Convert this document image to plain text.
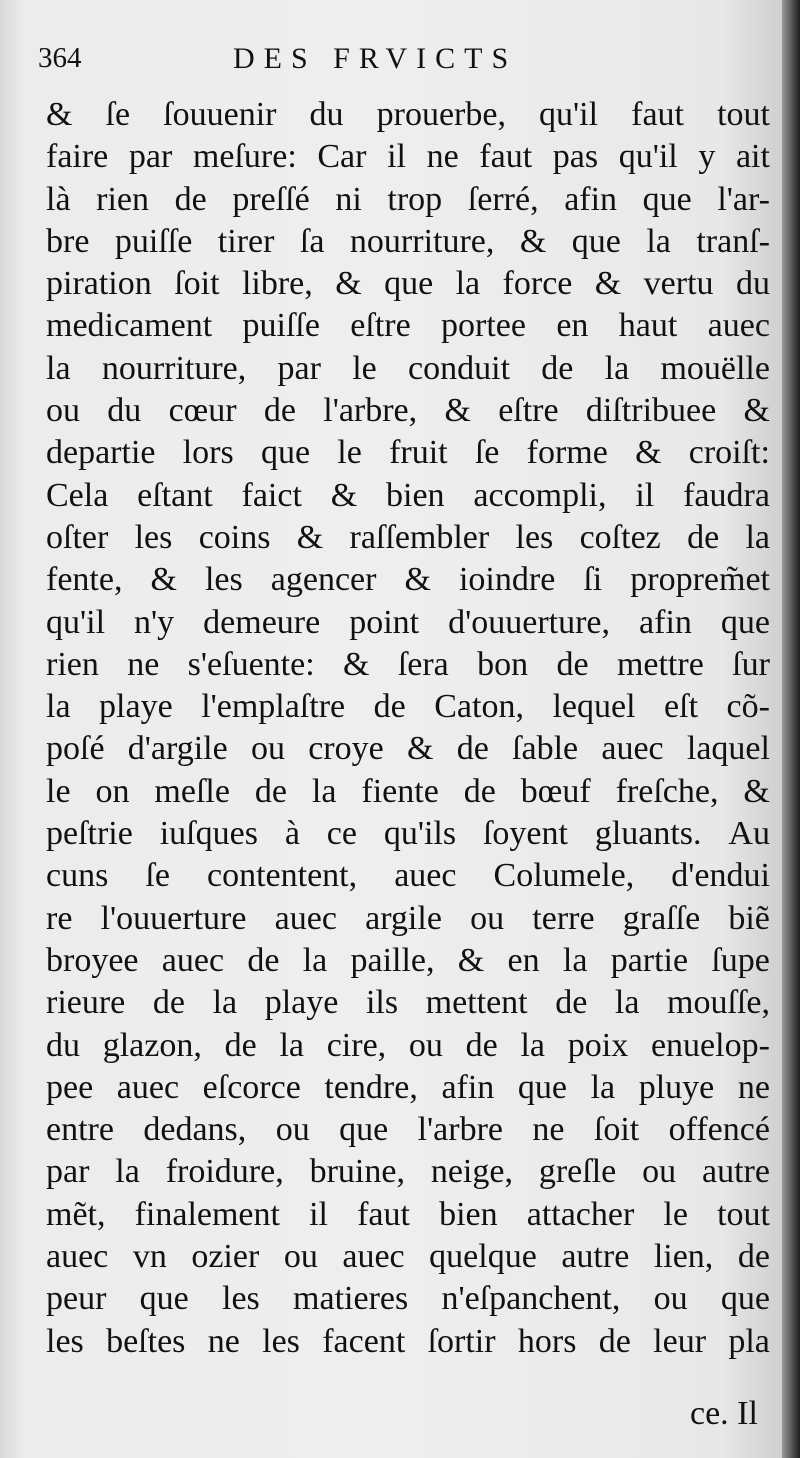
364	DES FRVICTS
& ſe ſouuenir du prouerbe, qu'il faut tout
faire par meſure: Car il ne faut pas qu'il y ait
là rien de preſſé ni trop ſerré, afin que l'ar-
bre puiſſe tirer ſa nourriture, & que la tranſ-
piration ſoit libre, & que la force & vertu du
medicament puiſſe eſtre portee en haut auec
la nourriture, par le conduit de la mouëlle
ou du cœur de l'arbre, & eſtre diſtribuee &
departie lors que le fruit ſe forme & croiſt:
Cela eſtant faict & bien accompli, il faudra
oſter les coins & raſſembler les coſtez de la
fente, & les agencer & ioindre ſi proprem̃et
qu'il n'y demeure point d'ouuerture, afin que
rien ne s'eſuente: & ſera bon de mettre ſur
la playe l'emplaſtre de Caton, lequel eſt cõ-
poſé d'argile ou croye & de ſable auec laquel
le on meſle de la fiente de bœuf freſche, &
peſtrie iuſques à ce qu'ils ſoyent gluants. Au
cuns ſe contentent, auec Columele, d'endui
re l'ouuerture auec argile ou terre graſſe biẽ
broyee auec de la paille, & en la partie ſupe
rieure de la playe ils mettent de la mouſſe,
du glazon, de la cire, ou de la poix enuelop-
pee auec eſcorce tendre, afin que la pluye ne
entre dedans, ou que l'arbre ne ſoit offencé
par la froidure, bruine, neige, greſle ou autre
mẽt, finalement il faut bien attacher le tout
auec vn ozier ou auec quelque autre lien, de
peur que les matieres n'eſpanchent, ou que
les beſtes ne les facent ſortir hors de leur pla
ce. Il
